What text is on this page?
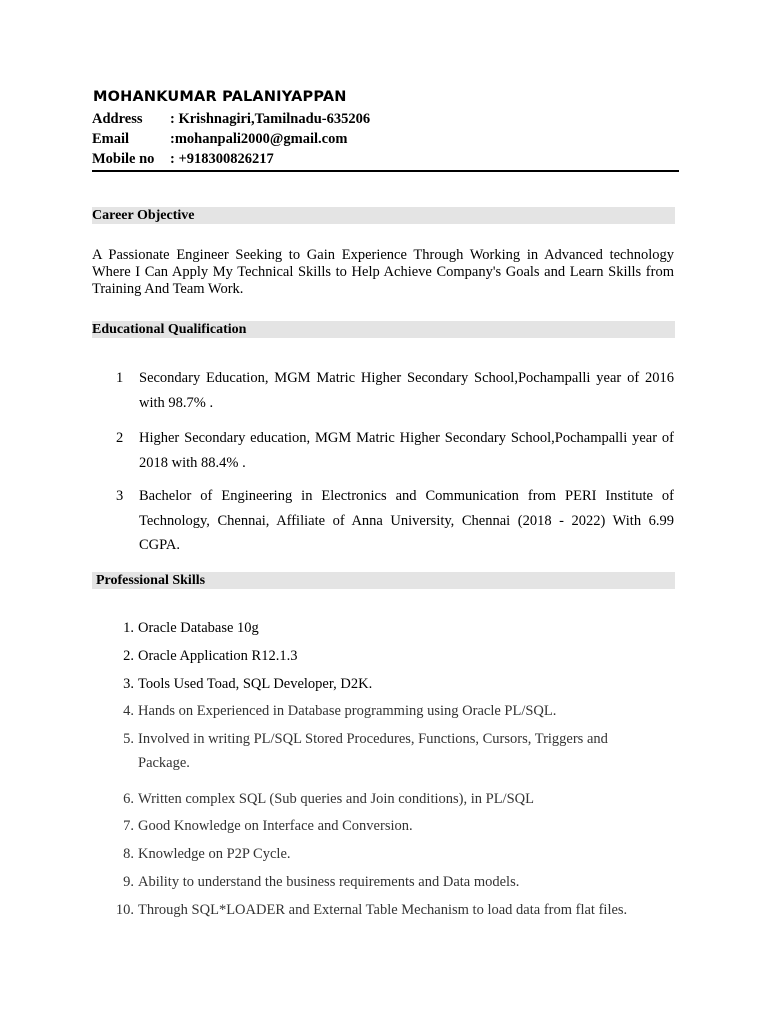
MOHANKUMAR PALANIYAPPAN
Address : Krishnagiri,Tamilnadu-635206
Email	:mohanpali2000@gmail.com
Mobile no : +918300826217
Career Objective
A Passionate Engineer Seeking to Gain Experience Through Working in Advanced technology Where I Can Apply My Technical Skills to Help Achieve Company's Goals and Learn Skills from Training And Team Work.
Educational Qualification
1 Secondary Education, MGM Matric Higher Secondary School,Pochampalli year of 2016 with 98.7% .
2 Higher Secondary education, MGM Matric Higher Secondary School,Pochampalli year of 2018 with 88.4% .
3 Bachelor of Engineering in Electronics and Communication from PERI Institute of Technology, Chennai, Affiliate of Anna University, Chennai (2018 - 2022) With 6.99 CGPA.
Professional Skills
1. Oracle Database 10g
2. Oracle Application R12.1.3
3. Tools Used Toad, SQL Developer, D2K.
4. Hands on Experienced in Database programming using Oracle PL/SQL.
5. Involved in writing PL/SQL Stored Procedures, Functions, Cursors, Triggers and Package.
6. Written complex SQL (Sub queries and Join conditions), in PL/SQL
7. Good Knowledge on Interface and Conversion.
8. Knowledge on P2P Cycle.
9. Ability to understand the business requirements and Data models.
10. Through SQL*LOADER and External Table Mechanism to load data from flat files.
